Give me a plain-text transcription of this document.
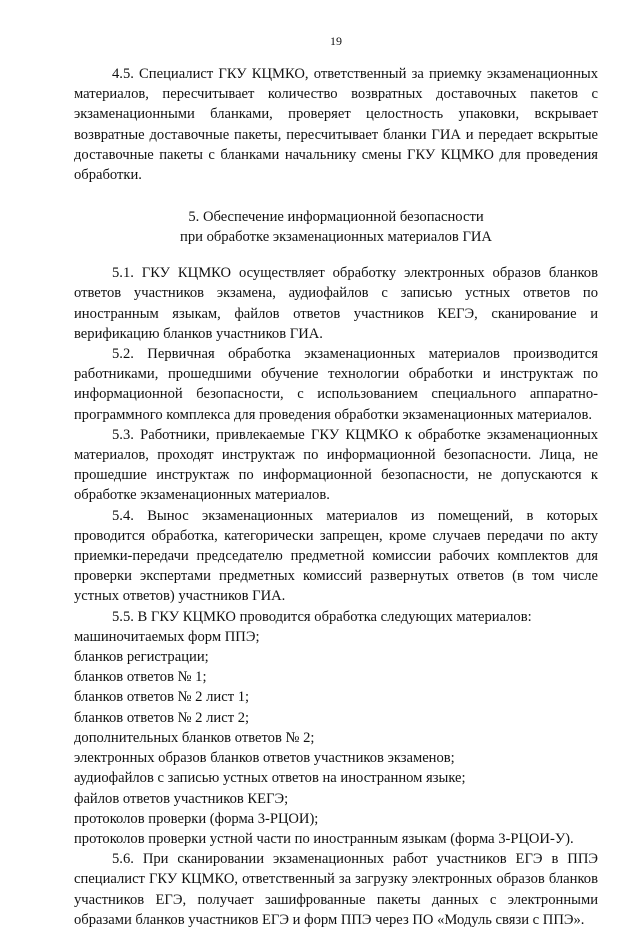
19

4.5. Специалист ГКУ КЦМКО, ответственный за приемку экзаменационных материалов, пересчитывает количество возвратных доставочных пакетов с экзаменационными бланками, проверяет целостность упаковки, вскрывает возвратные доставочные пакеты, пересчитывает бланки ГИА и передает вскрытые доставочные пакеты с бланками начальнику смены ГКУ КЦМКО для проведения обработки.

5. Обеспечение информационной безопасности
при обработке экзаменационных материалов ГИА

5.1. ГКУ КЦМКО осуществляет обработку электронных образов бланков ответов участников экзамена, аудиофайлов с записью устных ответов по иностранным языкам, файлов ответов участников КЕГЭ, сканирование и верификацию бланков участников ГИА.

5.2. Первичная обработка экзаменационных материалов производится работниками, прошедшими обучение технологии обработки и инструктаж по информационной безопасности, с использованием специального аппаратно-программного комплекса для проведения обработки экзаменационных материалов.

5.3. Работники, привлекаемые ГКУ КЦМКО к обработке экзаменационных материалов, проходят инструктаж по информационной безопасности. Лица, не прошедшие инструктаж по информационной безопасности, не допускаются к обработке экзаменационных материалов.

5.4. Вынос экзаменационных материалов из помещений, в которых проводится обработка, категорически запрещен, кроме случаев передачи по акту приемки-передачи председателю предметной комиссии рабочих комплектов для проверки экспертами предметных комиссий развернутых ответов (в том числе устных ответов) участников ГИА.

5.5. В ГКУ КЦМКО проводится обработка следующих материалов:

машиночитаемых форм ППЭ;

бланков регистрации;

бланков ответов № 1;

бланков ответов № 2 лист 1;

бланков ответов № 2 лист 2;

дополнительных бланков ответов № 2;

электронных образов бланков ответов участников экзаменов;

аудиофайлов с записью устных ответов на иностранном языке;

файлов ответов участников КЕГЭ;

протоколов проверки (форма 3-РЦОИ);

протоколов проверки устной части по иностранным языкам (форма 3-РЦОИ-У).

5.6. При сканировании экзаменационных работ участников ЕГЭ в ППЭ специалист ГКУ КЦМКО, ответственный за загрузку электронных образов бланков участников ЕГЭ, получает зашифрованные пакеты данных с электронными образами бланков участников ЕГЭ и форм ППЭ через ПО «Модуль связи с ППЭ».
